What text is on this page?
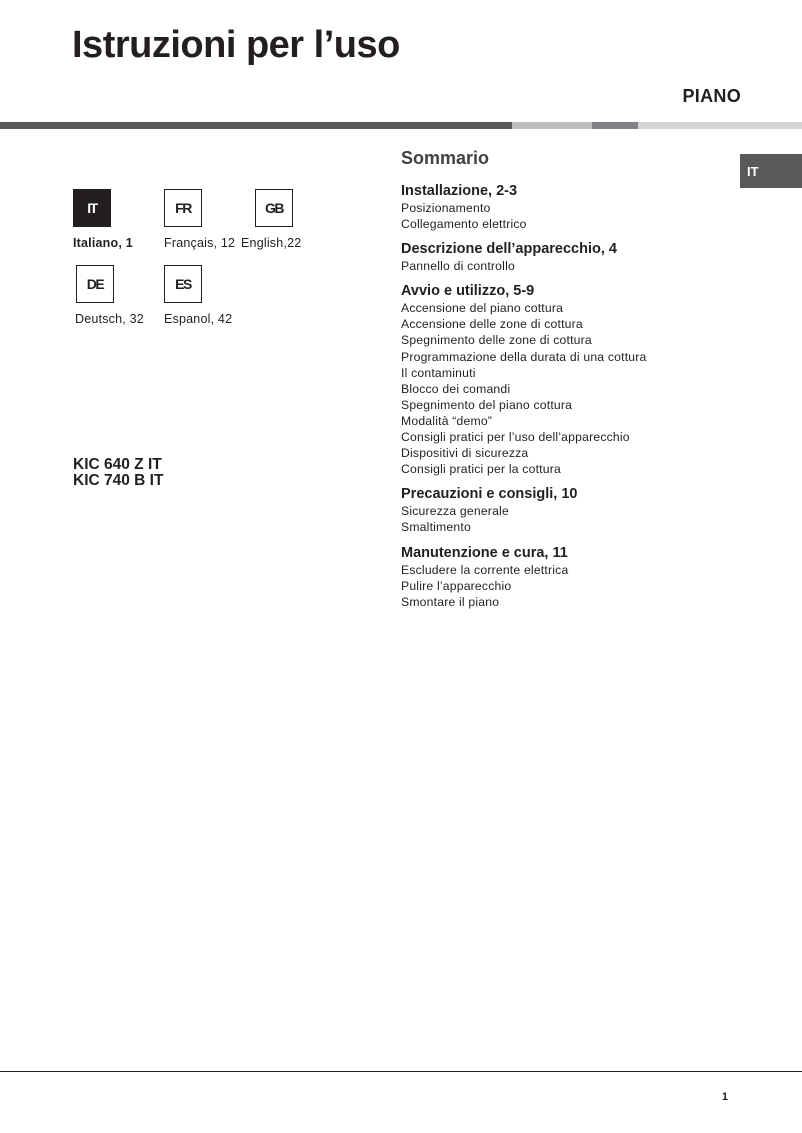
Istruzioni per l’uso
PIANO
IT
IT
Italiano, 1
FR
Français, 12
GB
English,22
DE
Deutsch, 32
ES
Espanol, 42
KIC 640 Z IT
KIC 740 B IT
Sommario
Installazione, 2-3
Posizionamento
Collegamento elettrico
Descrizione dell’apparecchio, 4
Pannello di controllo
Avvio e utilizzo, 5-9
Accensione del piano cottura
Accensione delle zone di cottura
Spegnimento delle zone di cottura
Programmazione della durata di una cottura
Il contaminuti
Blocco dei comandi
Spegnimento del piano cottura
Modalità “demo”
Consigli pratici per l’uso dell’apparecchio
Dispositivi di sicurezza
Consigli pratici per la cottura
Precauzioni e consigli, 10
Sicurezza generale
Smaltimento
Manutenzione e cura, 11
Escludere la corrente elettrica
Pulire l’apparecchio
Smontare il piano
1
